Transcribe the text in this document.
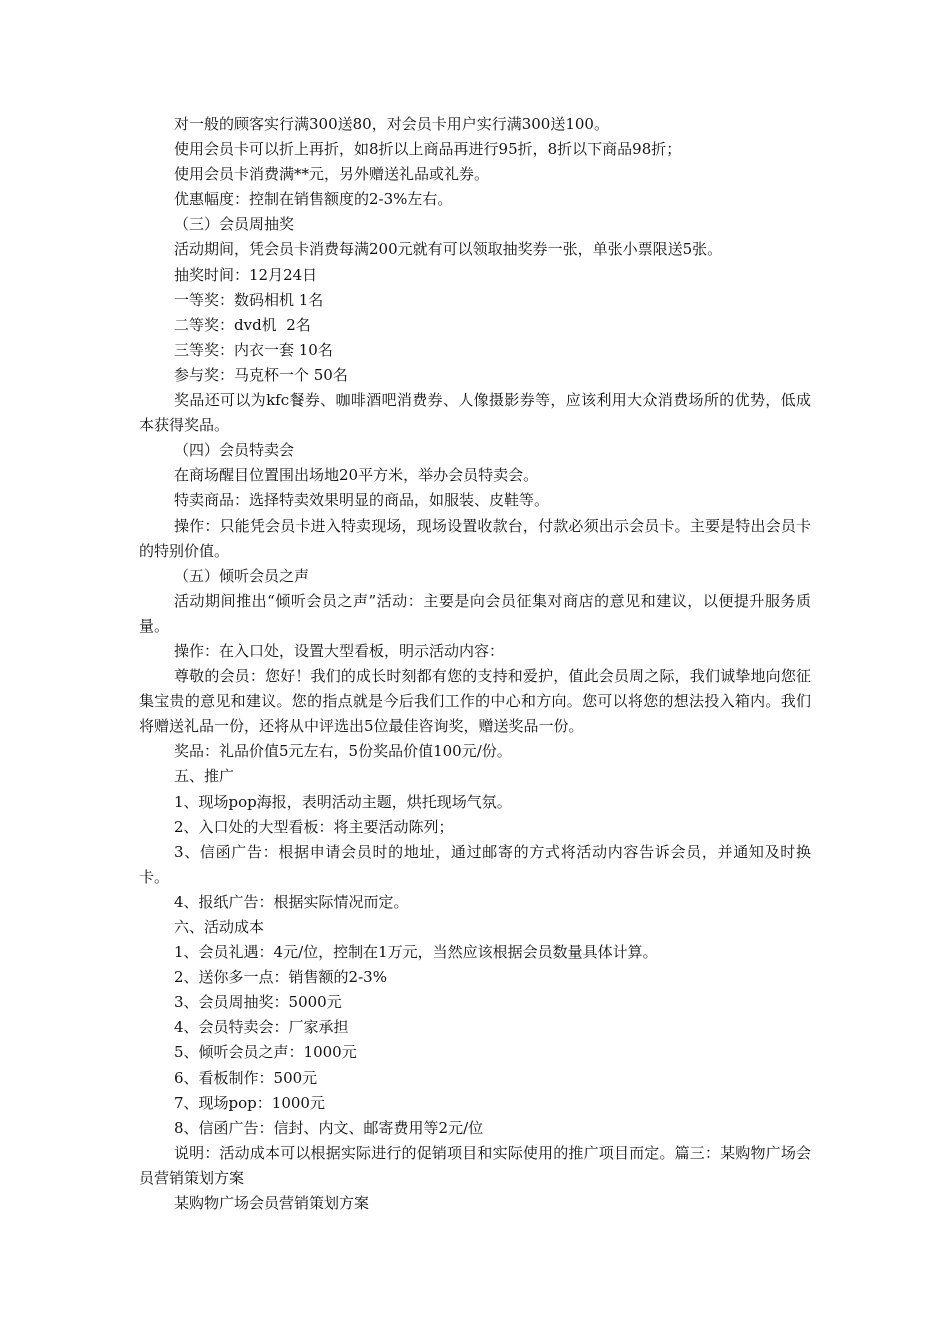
对一般的顾客实行满300送80，对会员卡用户实行满300送100。

使用会员卡可以折上再折，如8折以上商品再进行95折，8折以下商品98折；

使用会员卡消费满**元，另外赠送礼品或礼券。

优惠幅度：控制在销售额度的2-3%左右。

（三）会员周抽奖

活动期间，凭会员卡消费每满200元就有可以领取抽奖券一张，单张小票限送5张。

抽奖时间：12月24日

一等奖：数码相机 1名

二等奖：dvd机  2名

三等奖：内衣一套 10名

参与奖：马克杯一个 50名

奖品还可以为kfc餐券、咖啡酒吧消费券、人像摄影券等，应该利用大众消费场所的优势，低成本获得奖品。

（四）会员特卖会

在商场醒目位置围出场地20平方米，举办会员特卖会。

特卖商品：选择特卖效果明显的商品，如服装、皮鞋等。

操作：只能凭会员卡进入特卖现场，现场设置收款台，付款必须出示会员卡。主要是特出会员卡的特别价值。

（五）倾听会员之声

活动期间推出“倾听会员之声”活动：主要是向会员征集对商店的意见和建议，以便提升服务质量。

操作：在入口处，设置大型看板，明示活动内容：

尊敬的会员：您好！我们的成长时刻都有您的支持和爱护，值此会员周之际，我们诚挚地向您征集宝贵的意见和建议。您的指点就是今后我们工作的中心和方向。您可以将您的想法投入箱内。我们将赠送礼品一份，还将从中评选出5位最佳咨询奖，赠送奖品一份。

奖品：礼品价值5元左右，5份奖品价值100元/份。

五、推广

1、现场pop海报，表明活动主题，烘托现场气氛。

2、入口处的大型看板：将主要活动陈列；

3、信函广告：根据申请会员时的地址，通过邮寄的方式将活动内容告诉会员，并通知及时换卡。

4、报纸广告：根据实际情况而定。

六、活动成本

1、会员礼遇：4元/位，控制在1万元，当然应该根据会员数量具体计算。

2、送你多一点：销售额的2-3%

3、会员周抽奖：5000元

4、会员特卖会：厂家承担

5、倾听会员之声：1000元

6、看板制作：500元

7、现场pop：1000元

8、信函广告：信封、内文、邮寄费用等2元/位

说明：活动成本可以根据实际进行的促销项目和实际使用的推广项目而定。篇三：某购物广场会员营销策划方案

某购物广场会员营销策划方案
